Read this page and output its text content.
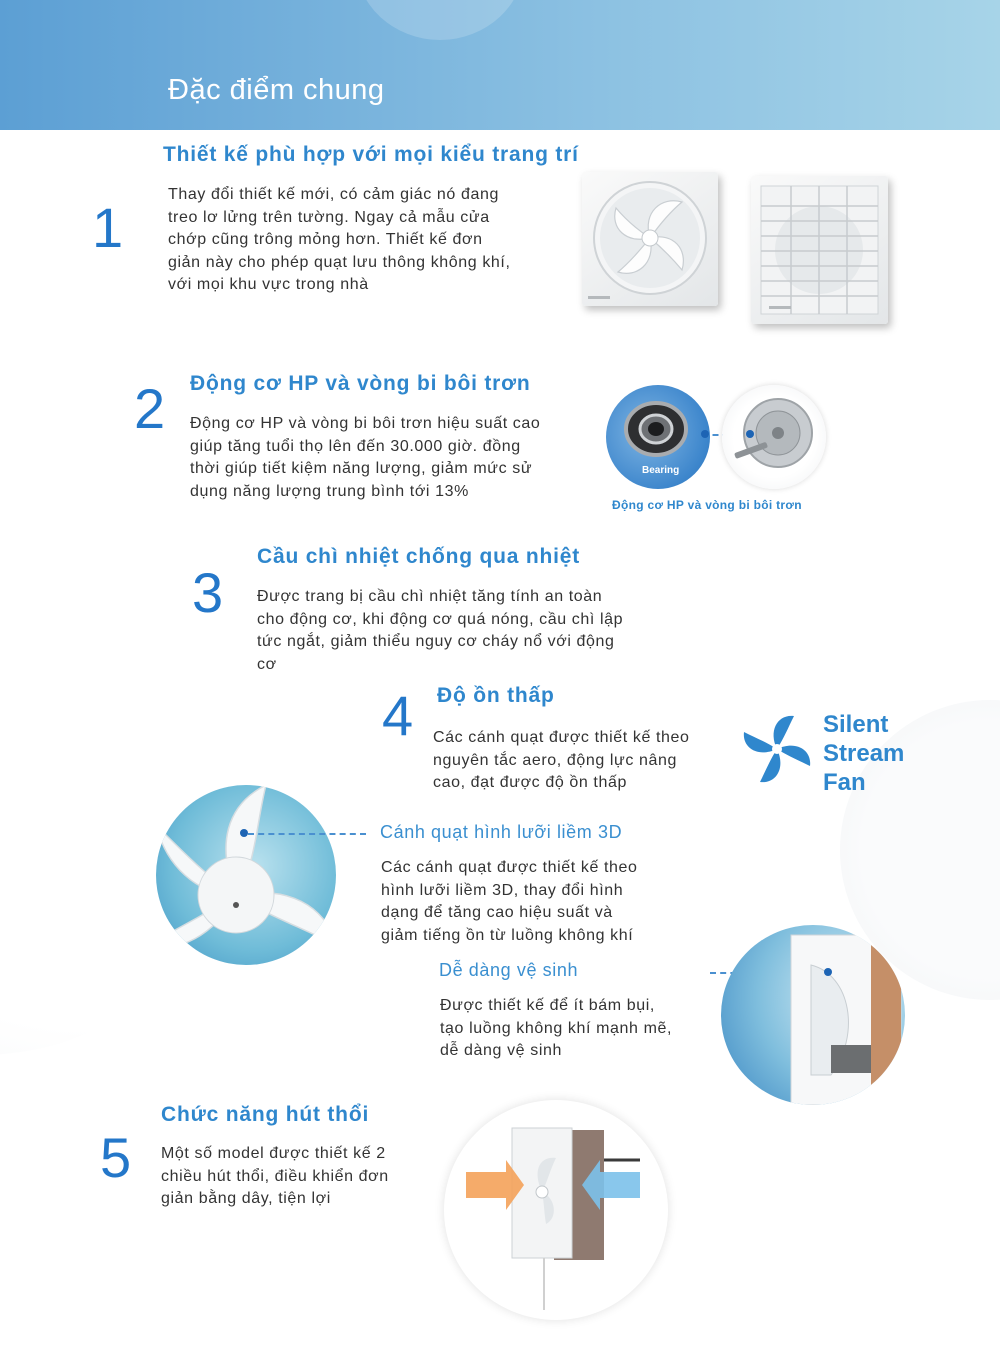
Đặc điểm chung
1
Thiết kế phù hợp với mọi kiểu trang trí
Thay đổi thiết kế mới, có cảm giác nó đang
treo lơ lửng trên tường. Ngay cả mẫu cửa
chớp cũng trông mỏng hơn. Thiết kế đơn
giản này cho phép quạt lưu thông không khí,
với mọi khu vực trong nhà
2 Động cơ HP và vòng bi bôi trơn
Động cơ HP và vòng bi bôi trơn hiệu suất cao
giúp tăng tuổi thọ lên đến 30.000 giờ. đồng
thời giúp tiết kiệm năng lượng, giảm mức sử
dụng năng lượng trung bình tới 13%
Bearing
Động cơ HP và vòng bi bôi trơn
3
Cầu chì nhiệt chống qua nhiệt
Được trang bị cầu chì nhiệt tăng tính an toàn
cho động cơ, khi động cơ quá nóng, cầu chì lập
tức ngắt, giảm thiểu nguy cơ cháy nổ với động
cơ
4 Độ ồn thấp
Các cánh quạt được thiết kế theo
nguyên tắc aero, động lực nâng
cao, đạt được độ ồn thấp
Silent
Stream
Fan
Cánh quạt hình lưỡi liềm 3D
Các cánh quạt được thiết kế theo
hình lưỡi liềm 3D, thay đổi hình
dạng để tăng cao hiệu suất và
giảm tiếng ồn từ luồng không khí
Dễ dàng vệ sinh
Được thiết kế để ít bám bụi,
tạo luồng không khí mạnh mẽ,
dễ dàng vệ sinh
5
Chức năng hút thổi
Một số model được thiết kế 2
chiều hút thổi, điều khiển đơn
giản bằng dây, tiện lợi
